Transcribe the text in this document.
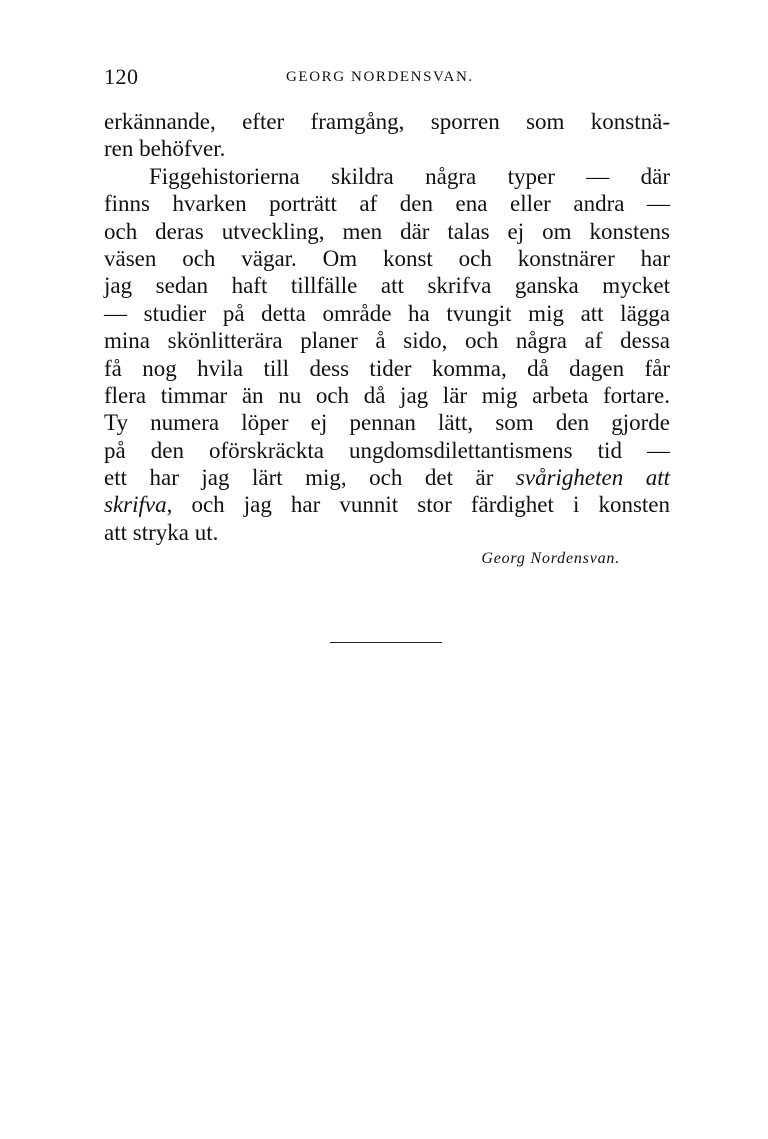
120	GEORG NORDENSVAN.
erkännande, efter framgång, sporren som konstnä-
ren behöfver.
Figgehistorierna skildra några typer — där
finns hvarken porträtt af den ena eller andra —
och deras utveckling, men där talas ej om konstens
väsen och vägar. Om konst och konstnärer har
jag sedan haft tillfälle att skrifva ganska mycket
— studier på detta område ha tvungit mig att lägga
mina skönlitterära planer å sido, och några af dessa
få nog hvila till dess tider komma, då dagen får
flera timmar än nu och då jag lär mig arbeta fortare.
Ty numera löper ej pennan lätt, som den gjorde
på den oförskräckta ungdomsdilettantismens tid —
ett har jag lärt mig, och det är svårigheten att
skrifva, och jag har vunnit stor färdighet i konsten
att stryka ut.
Georg Nordensvan.
